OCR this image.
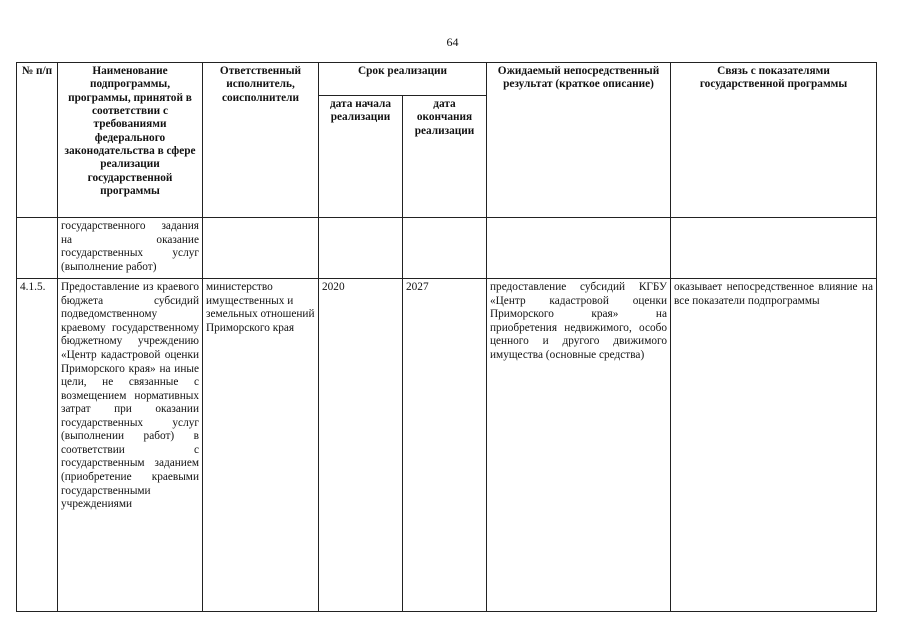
64
№ п/п	Наименование подпрограммы, программы, принятой в соответствии с требованиями федерального законодательства в сфере реализации государственной программы	Ответственный исполнитель, соисполнители	Срок реализации		Ожидаемый непосредственный результат (краткое описание)	Связь с показателями государственной программы
			дата начала реализации	дата окончания реализации		
	государственного задания на оказание государственных услуг (выполнение работ)					
4.1.5.	Предоставление из краевого бюджета субсидий подведомственному краевому государственному бюджетному учреждению «Центр кадастровой оценки Приморского края» на иные цели, не связанные с возмещением нормативных затрат при оказании государственных услуг (выполнении работ) в соответствии с государственным заданием (приобретение краевыми государственными учреждениями	министерство имущественных и земельных отношений Приморского края	2020	2027	предоставление субсидий КГБУ «Центр кадастровой оценки Приморского края» на приобретения недвижимого, особо ценного и другого движимого имущества (основные средства)	оказывает непосредственное влияние на все показатели подпрограммы
